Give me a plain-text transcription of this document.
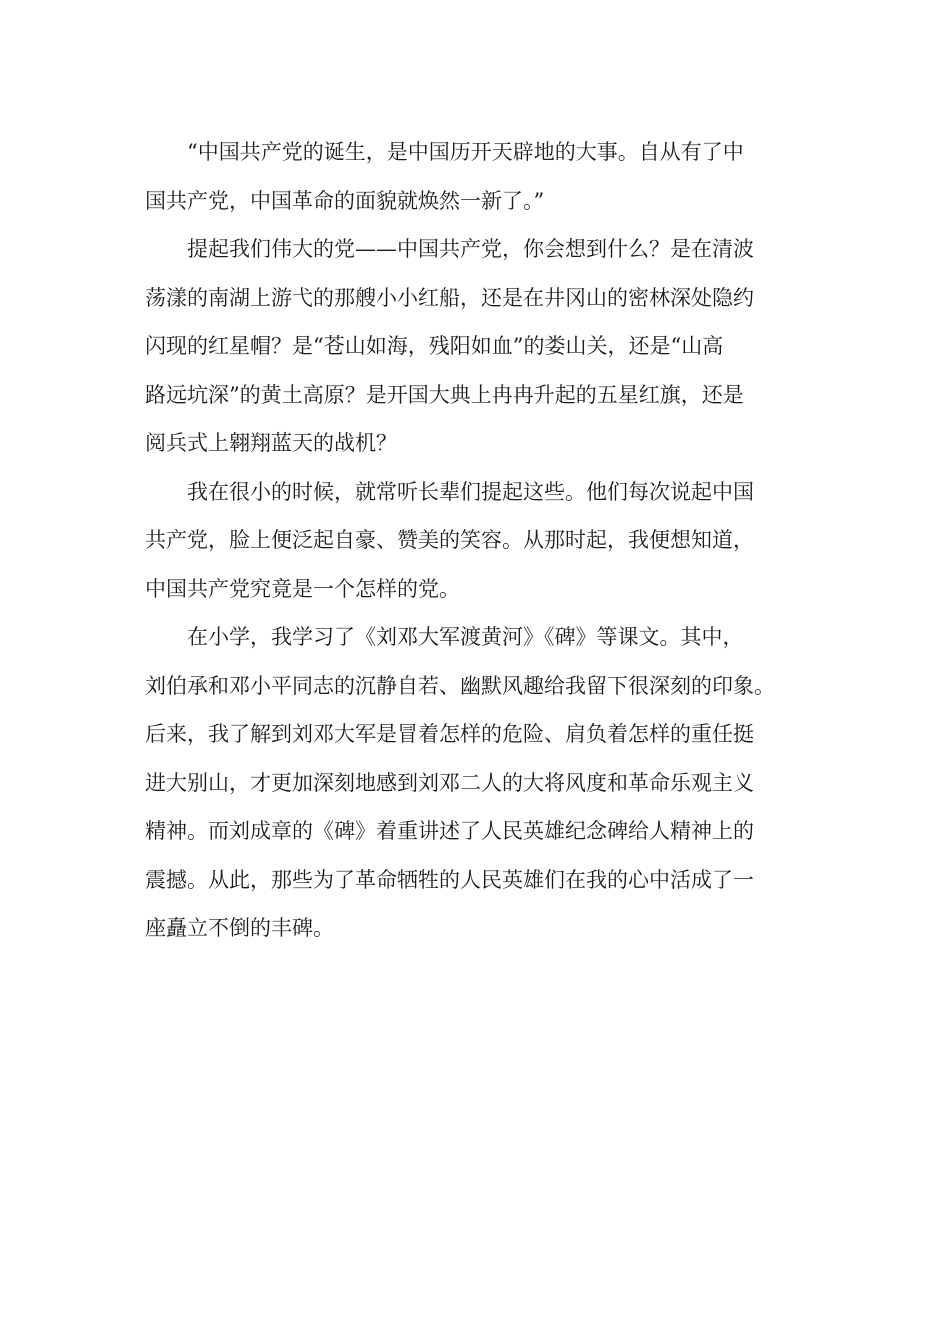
“中国共产党的诞生，是中国历开天辟地的大事。自从有了中
国共产党，中国革命的面貌就焕然一新了。”

提起我们伟大的党——中国共产党，你会想到什么？是在清波
荡漾的南湖上游弋的那艘小小红船，还是在井冈山的密林深处隐约
闪现的红星帽？是“苍山如海，残阳如血”的娄山关，还是“山高
路远坑深”的黄土高原？是开国大典上冉冉升起的五星红旗，还是
阅兵式上翱翔蓝天的战机？

我在很小的时候，就常听长辈们提起这些。他们每次说起中国
共产党，脸上便泛起自豪、赞美的笑容。从那时起，我便想知道，
中国共产党究竟是一个怎样的党。

在小学，我学习了《刘邓大军渡黄河》《碑》等课文。其中，
刘伯承和邓小平同志的沉静自若、幽默风趣给我留下很深刻的印象。
后来，我了解到刘邓大军是冒着怎样的危险、肩负着怎样的重任挺
进大别山，才更加深刻地感到刘邓二人的大将风度和革命乐观主义
精神。而刘成章的《碑》着重讲述了人民英雄纪念碑给人精神上的
震撼。从此，那些为了革命牺牲的人民英雄们在我的心中活成了一
座矗立不倒的丰碑。
